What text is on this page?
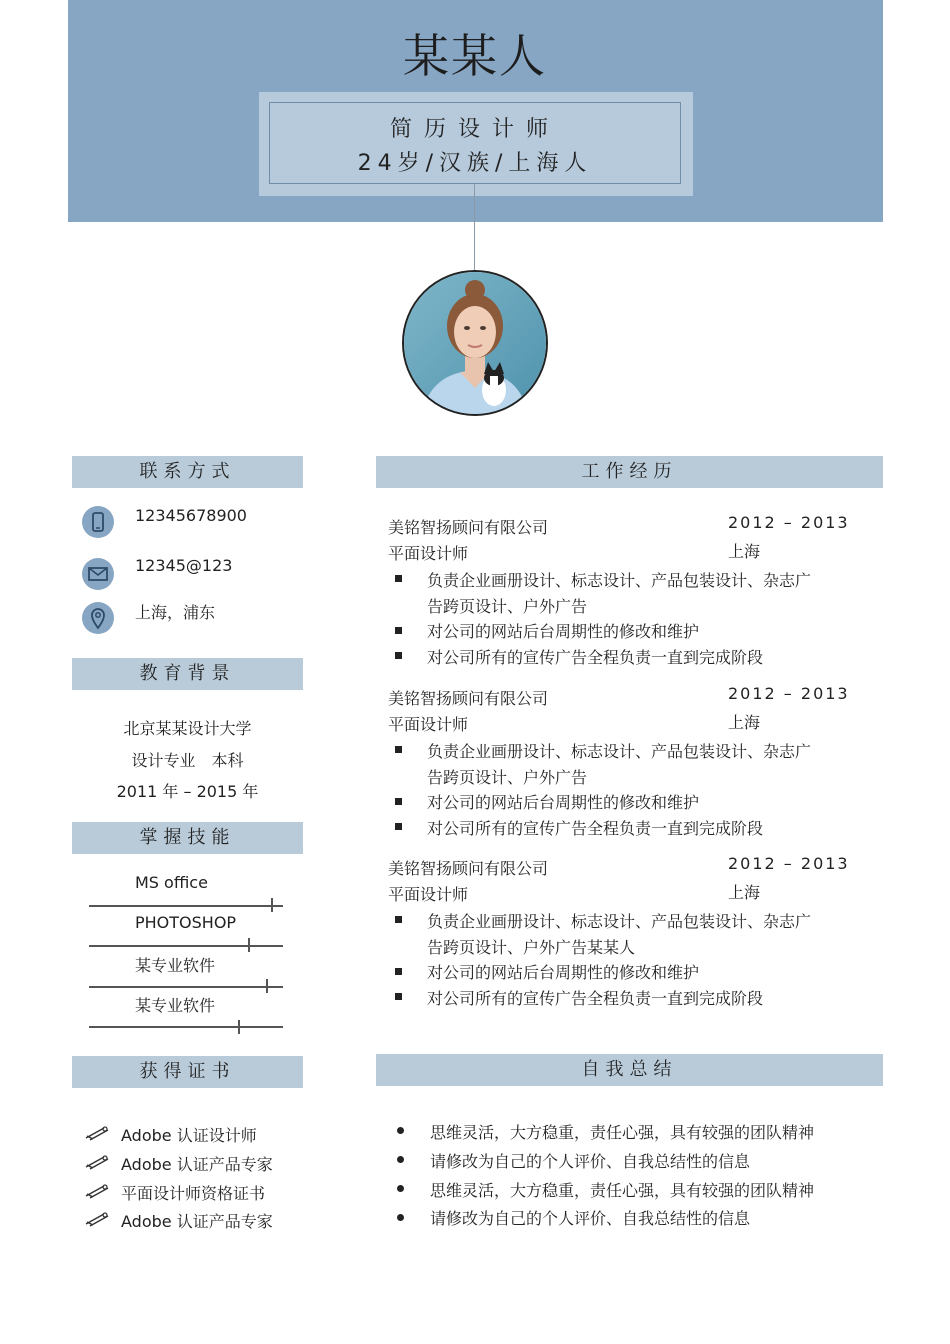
某某人
简历设计师
24岁/汉族/上海人
联系方式
12345678900
12345@123
上海，浦东
教育背景
北京某某设计大学
设计专业　本科
2011 年 – 2015 年
掌握技能
MS office
PHOTOSHOP
某专业软件
某专业软件
获得证书
Adobe 认证设计师
Adobe 认证产品专家
平面设计师资格证书
Adobe 认证产品专家
工作经历
美铭智扬顾问有限公司	2012 – 2013
平面设计师	上海
负责企业画册设计、标志设计、产品包装设计、杂志广
告跨页设计、户外广告
对公司的网站后台周期性的修改和维护
对公司所有的宣传广告全程负责一直到完成阶段
美铭智扬顾问有限公司	2012 – 2013
平面设计师	上海
负责企业画册设计、标志设计、产品包装设计、杂志广
告跨页设计、户外广告
对公司的网站后台周期性的修改和维护
对公司所有的宣传广告全程负责一直到完成阶段
美铭智扬顾问有限公司	2012 – 2013
平面设计师	上海
负责企业画册设计、标志设计、产品包装设计、杂志广
告跨页设计、户外广告某某人
对公司的网站后台周期性的修改和维护
对公司所有的宣传广告全程负责一直到完成阶段
自我总结
思维灵活，大方稳重，责任心强，具有较强的团队精神
请修改为自己的个人评价、自我总结性的信息
思维灵活，大方稳重，责任心强，具有较强的团队精神
请修改为自己的个人评价、自我总结性的信息
